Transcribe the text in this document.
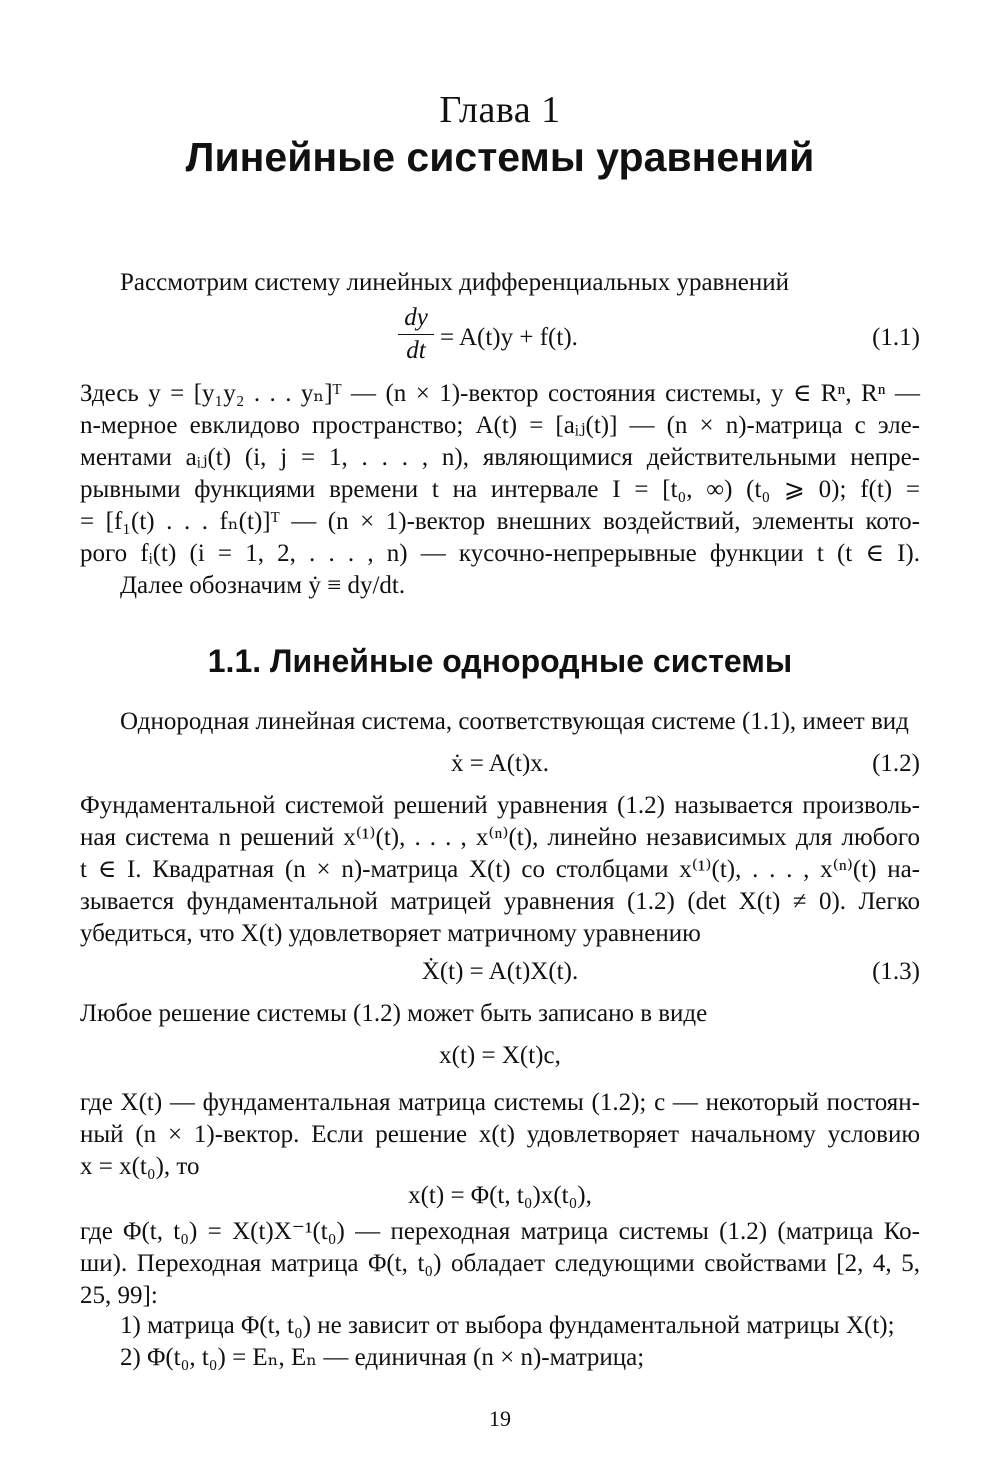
Глава 1
Линейные системы уравнений
Рассмотрим систему линейных дифференциальных уравнений
dy
dt = A(t)y + f(t).	(1.1)
Здесь y = [y₁y₂ . . . yₙ]ᵀ — (n × 1)-вектор состояния системы, y ∈ Rⁿ, Rⁿ —
n-мерное евклидово пространство; A(t) = [aᵢⱼ(t)] — (n × n)-матрица с эле-
ментами aᵢⱼ(t) (i, j = 1, . . . , n), являющимися действительными непре-
рывными функциями времени t на интервале I = [t₀, ∞) (t₀ ⩾ 0); f(t) =
= [f₁(t) . . . fₙ(t)]ᵀ — (n × 1)-вектор внешних воздействий, элементы кото-
рого fᵢ(t) (i = 1, 2, . . . , n) — кусочно-непрерывные функции t (t ∈ I).
Далее обозначим ẏ ≡ dy/dt.
1.1. Линейные однородные системы
Однородная линейная система, соответствующая системе (1.1), имеет вид
ẋ = A(t)x.	(1.2)
Фундаментальной системой решений уравнения (1.2) называется произволь-
ная система n решений x⁽¹⁾(t), . . . , x⁽ⁿ⁾(t), линейно независимых для любого
t ∈ I. Квадратная (n × n)-матрица X(t) со столбцами x⁽¹⁾(t), . . . , x⁽ⁿ⁾(t) на-
зывается фундаментальной матрицей уравнения (1.2) (det X(t) ≠ 0). Легко
убедиться, что X(t) удовлетворяет матричному уравнению
Ẋ(t) = A(t)X(t).	(1.3)
Любое решение системы (1.2) может быть записано в виде
x(t) = X(t)c,
где X(t) — фундаментальная матрица системы (1.2); c — некоторый постоян-
ный (n × 1)-вектор. Если решение x(t) удовлетворяет начальному условию
x = x(t₀), то
x(t) = Φ(t, t₀)x(t₀),
где Φ(t, t₀) = X(t)X⁻¹(t₀) — переходная матрица системы (1.2) (матрица Ко-
ши). Переходная матрица Φ(t, t₀) обладает следующими свойствами [2, 4, 5,
25, 99]:
1) матрица Φ(t, t₀) не зависит от выбора фундаментальной матрицы X(t);
2) Φ(t₀, t₀) = Eₙ, Eₙ — единичная (n × n)-матрица;
19
